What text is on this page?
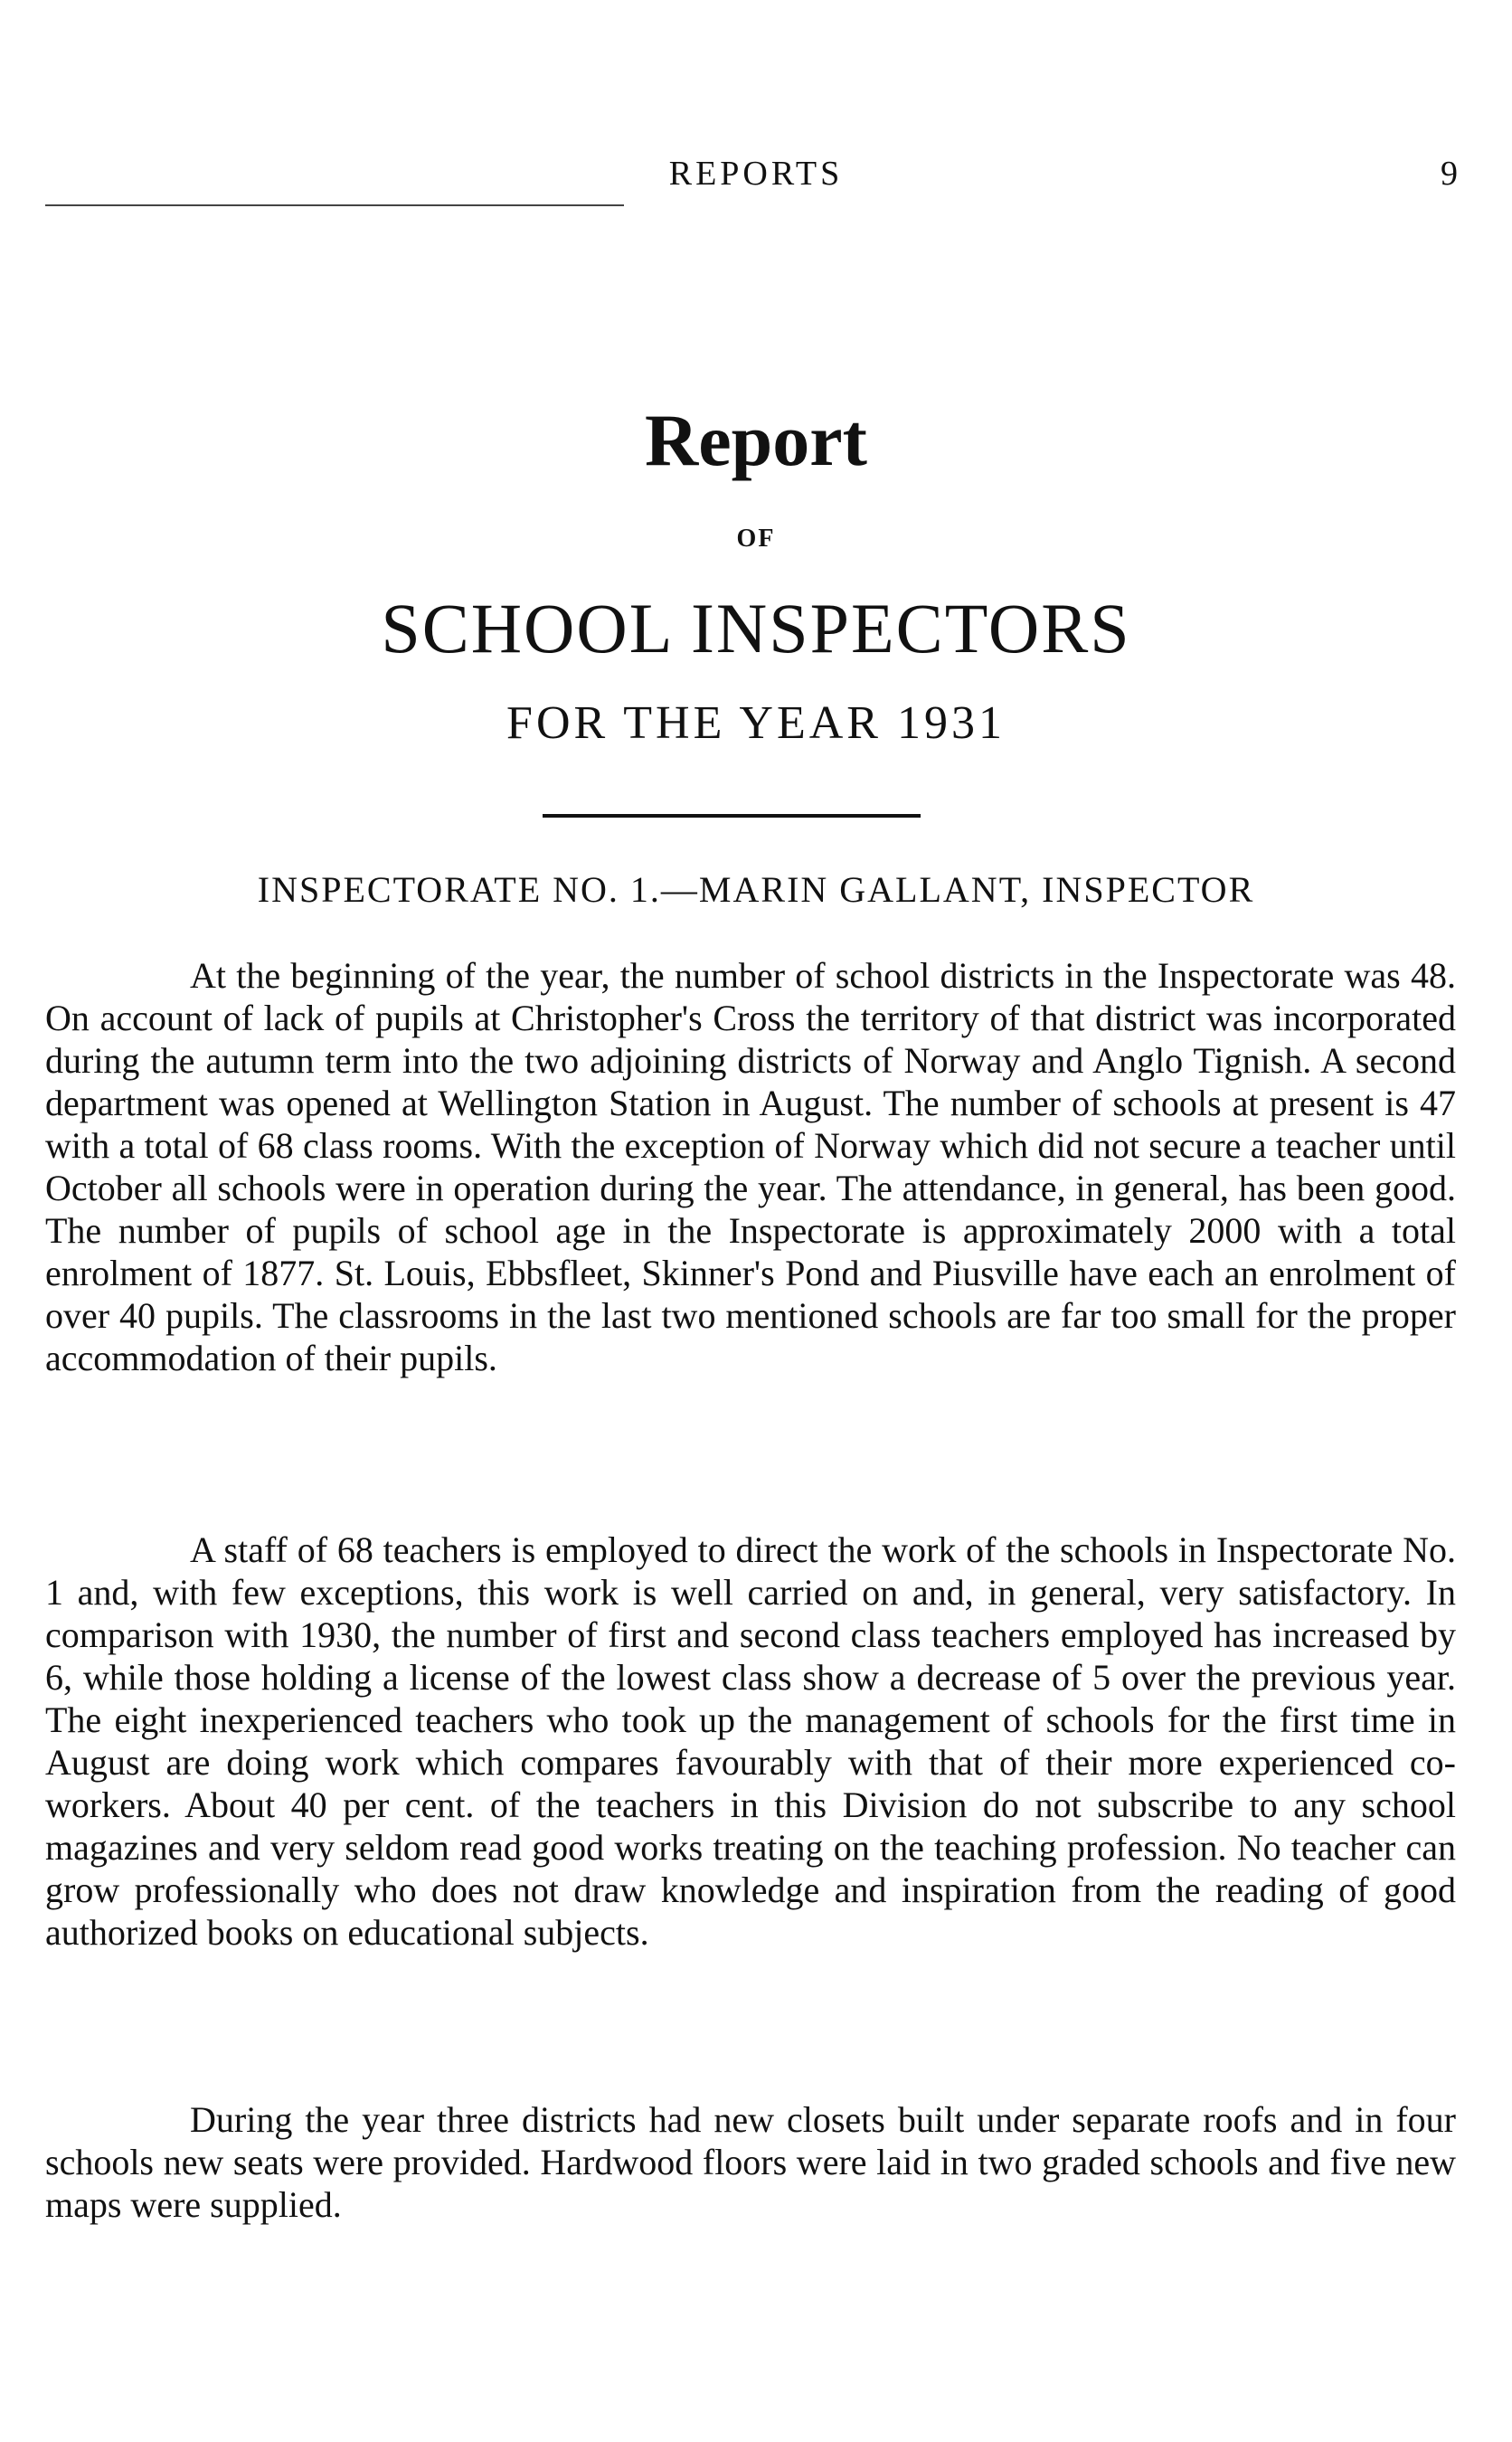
REPORTS	9
Report
OF
SCHOOL INSPECTORS
FOR THE YEAR 1931
INSPECTORATE NO. 1.—MARIN GALLANT, INSPECTOR

At the beginning of the year, the number of school districts in the Inspectorate was 48. On account of lack of pupils at Christopher's Cross the territory of that district was incorporated during the autumn term into the two adjoining districts of Norway and Anglo Tignish. A second department was opened at Wellington Station in August. The number of schools at present is 47 with a total of 68 class rooms. With the exception of Norway which did not secure a teacher until October all schools were in operation during the year. The attendance, in general, has been good. The number of pupils of school age in the Inspectorate is approximately 2000 with a total enrolment of 1877. St. Louis, Ebbsfleet, Skinner's Pond and Piusville have each an enrolment of over 40 pupils. The classrooms in the last two mentioned schools are far too small for the proper accommodation of their pupils.

A staff of 68 teachers is employed to direct the work of the schools in Inspectorate No. 1 and, with few exceptions, this work is well carried on and, in general, very satisfactory. In comparison with 1930, the number of first and second class teachers employed has increased by 6, while those holding a license of the lowest class show a decrease of 5 over the previous year. The eight inexperienced teachers who took up the management of schools for the first time in August are doing work which compares favourably with that of their more experienced co-workers. About 40 per cent. of the teachers in this Division do not subscribe to any school magazines and very seldom read good works treating on the teaching profession. No teacher can grow professionally who does not draw knowledge and inspiration from the reading of good authorized books on educational subjects.

During the year three districts had new closets built under separate roofs and in four schools new seats were provided. Hardwood floors were laid in two graded schools and five new maps were supplied.
